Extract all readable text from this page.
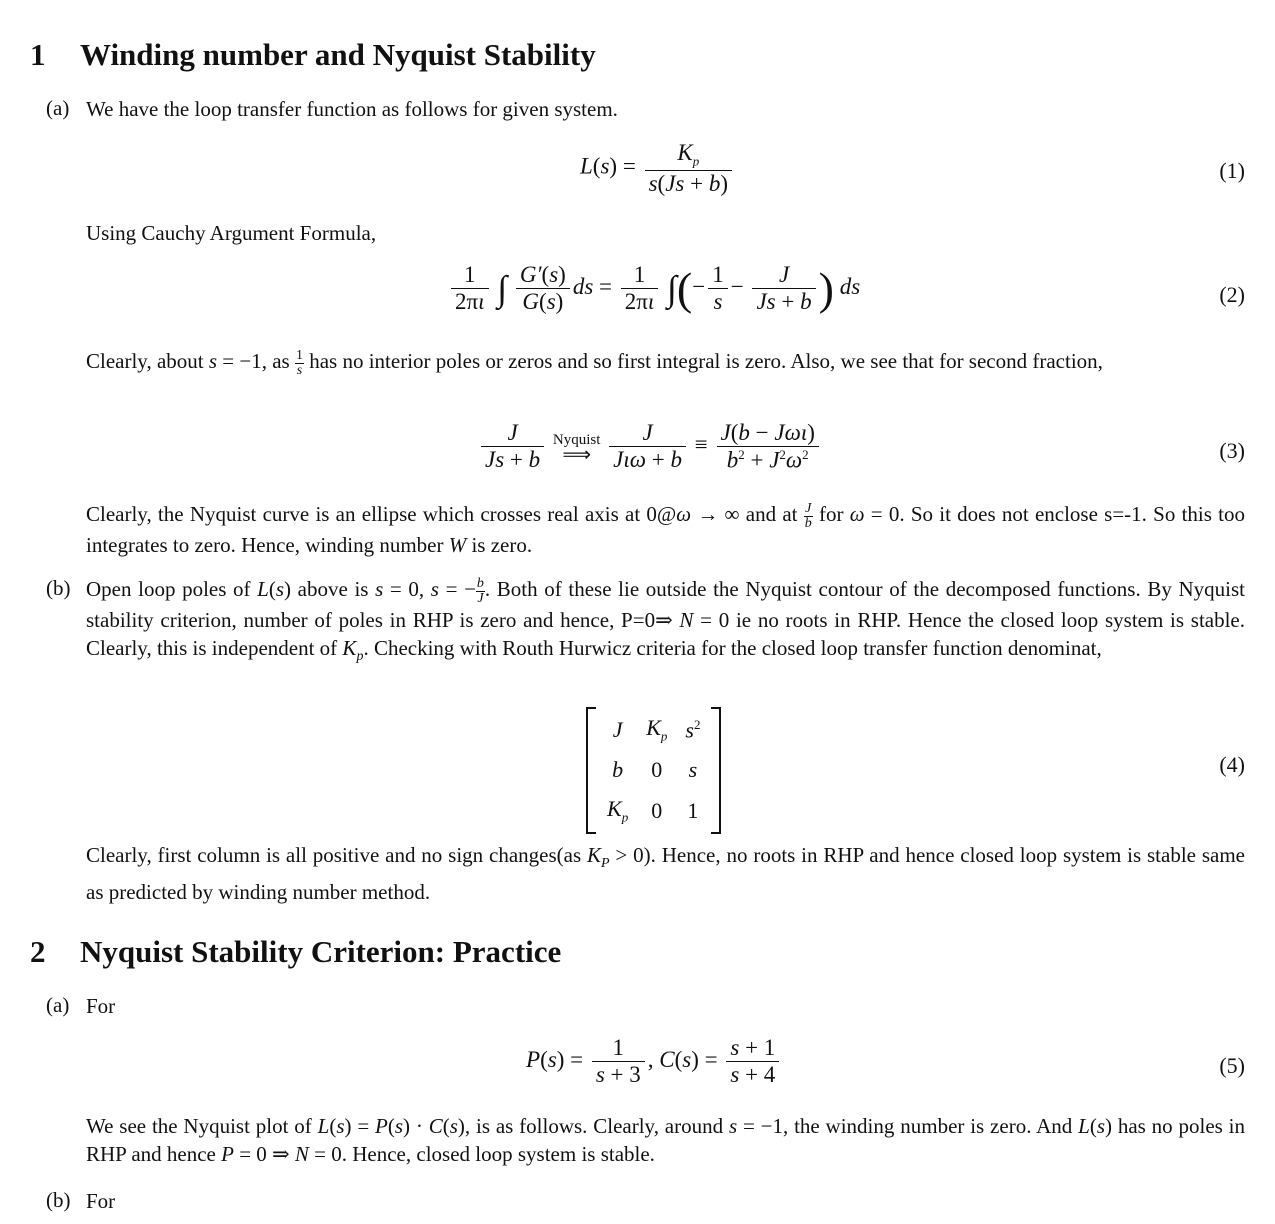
1 Winding number and Nyquist Stability
(a) We have the loop transfer function as follows for given system.
$L(s) = \frac{K_p}{s(Js + b)}$	(1)
Using Cauchy Argument Formula,
$\frac{1}{2\pi\iota}$ ∫ $\frac{G'(s)}{G(s)}$ ds = $\frac{1}{2\pi\iota}$ ∫(− $\frac{1}{s} - \frac{J}{Js + b}$ ) ds	(2)
Clearly, about s = −1, as $\frac{1}{s}$ has no interior poles or zeros and so first integral is zero. Also, we see that for second fraction,
$\frac{J}{Js + b}$
Nyquist
⟹
$\frac{J}{\text{Jιω + b}} \equiv \frac{\text{J(b − Jωι)}}{b^2 + J^2\omega^2}$	(3)
Clearly, the Nyquist curve is an ellipse which crosses real axis at 0@ω → ∞ and at $\frac{J}{b}$ for ω = 0. So it does not enclose s=-1. So this too integrates to zero. Hence, winding number W is zero.
(b) Open loop poles of L(s) above is s = 0, s = − $\frac{b}{J}$ . Both of these lie outside the Nyquist contour of the decomposed functions. By Nyquist stability criterion, number of poles in RHP is zero and hence, P=0⇒ N = 0 ie no roots in RHP. Hence the closed loop system is stable. Clearly, this is independent of $K_p$. Checking with Routh Hurwicz criteria for the closed loop transfer function denominat,
J	$K_p$	$s^2$
b	0	s
$K_p$	0	1
(4)
Clearly, first column is all positive and no sign changes(as $K_P > 0$). Hence, no roots in RHP and hence closed loop system is stable same as predicted by winding number method.
2 Nyquist Stability Criterion: Practice
(a) For
$P(s) = \frac{1}{s + 3}$ , $C(s) = \frac{s + 1}{s + 4}$	(5)
We see the Nyquist plot of L(s) = P(s) · C(s), is as follows. Clearly, around s = −1, the winding number is zero. And L(s) has no poles in RHP and hence P = 0 ⇒ N = 0. Hence, closed loop system is stable.
(b) For
